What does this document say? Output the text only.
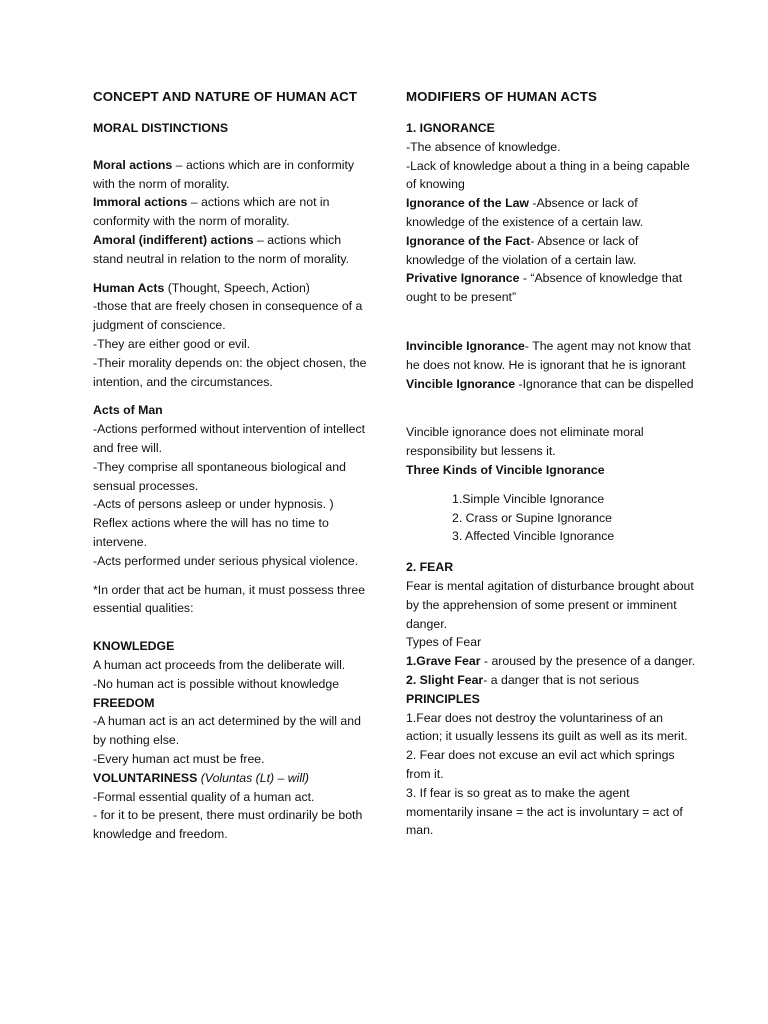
CONCEPT AND NATURE OF HUMAN ACT

MORAL DISTINCTIONS

Moral actions – actions which are in conformity with the norm of morality.

Immoral actions – actions which are not in conformity with the norm of morality.

Amoral (indifferent) actions – actions which stand neutral in relation to the norm of morality.

Human Acts (Thought, Speech, Action)

-those that are freely chosen in consequence of a judgment of conscience.

-They are either good or evil.

-Their morality depends on: the object chosen, the intention, and the circumstances.

Acts of Man

-Actions performed without intervention of intellect and free will.

-They comprise all spontaneous biological and sensual processes.

-Acts of persons asleep or under hypnosis. ) Reflex actions where the will has no time to intervene.

-Acts performed under serious physical violence.

*In order that act be human, it must possess three essential qualities:

KNOWLEDGE

A human act proceeds from the deliberate will.

-No human act is possible without knowledge

FREEDOM

-A human act is an act determined by the will and by nothing else.

-Every human act must be free.

VOLUNTARINESS (Voluntas (Lt) – will)

-Formal essential quality of a human act.

- for it to be present, there must ordinarily be both knowledge and freedom.

MODIFIERS OF HUMAN ACTS

1. IGNORANCE

-The absence of knowledge.

-Lack of knowledge about a thing in a being capable of knowing

Ignorance of the Law -Absence or lack of knowledge of the existence of a certain law.

Ignorance of the Fact- Absence or lack of knowledge of the violation of a certain law.

Privative Ignorance - “Absence of knowledge that ought to be present”

Invincible Ignorance- The agent may not know that he does not know. He is ignorant that he is ignorant

Vincible Ignorance -Ignorance that can be dispelled

Vincible ignorance does not eliminate moral responsibility but lessens it.

Three Kinds of Vincible Ignorance

1.Simple Vincible Ignorance

2. Crass or Supine Ignorance

3. Affected Vincible Ignorance

2. FEAR

Fear is mental agitation of disturbance brought about by the apprehension of some present or imminent danger.

Types of Fear

1.Grave Fear - aroused by the presence of a danger.

2. Slight Fear- a danger that is not serious

PRINCIPLES

1.Fear does not destroy the voluntariness of an action; it usually lessens its guilt as well as its merit.

2. Fear does not excuse an evil act which springs from it.

3. If fear is so great as to make the agent momentarily insane = the act is involuntary = act of man.
